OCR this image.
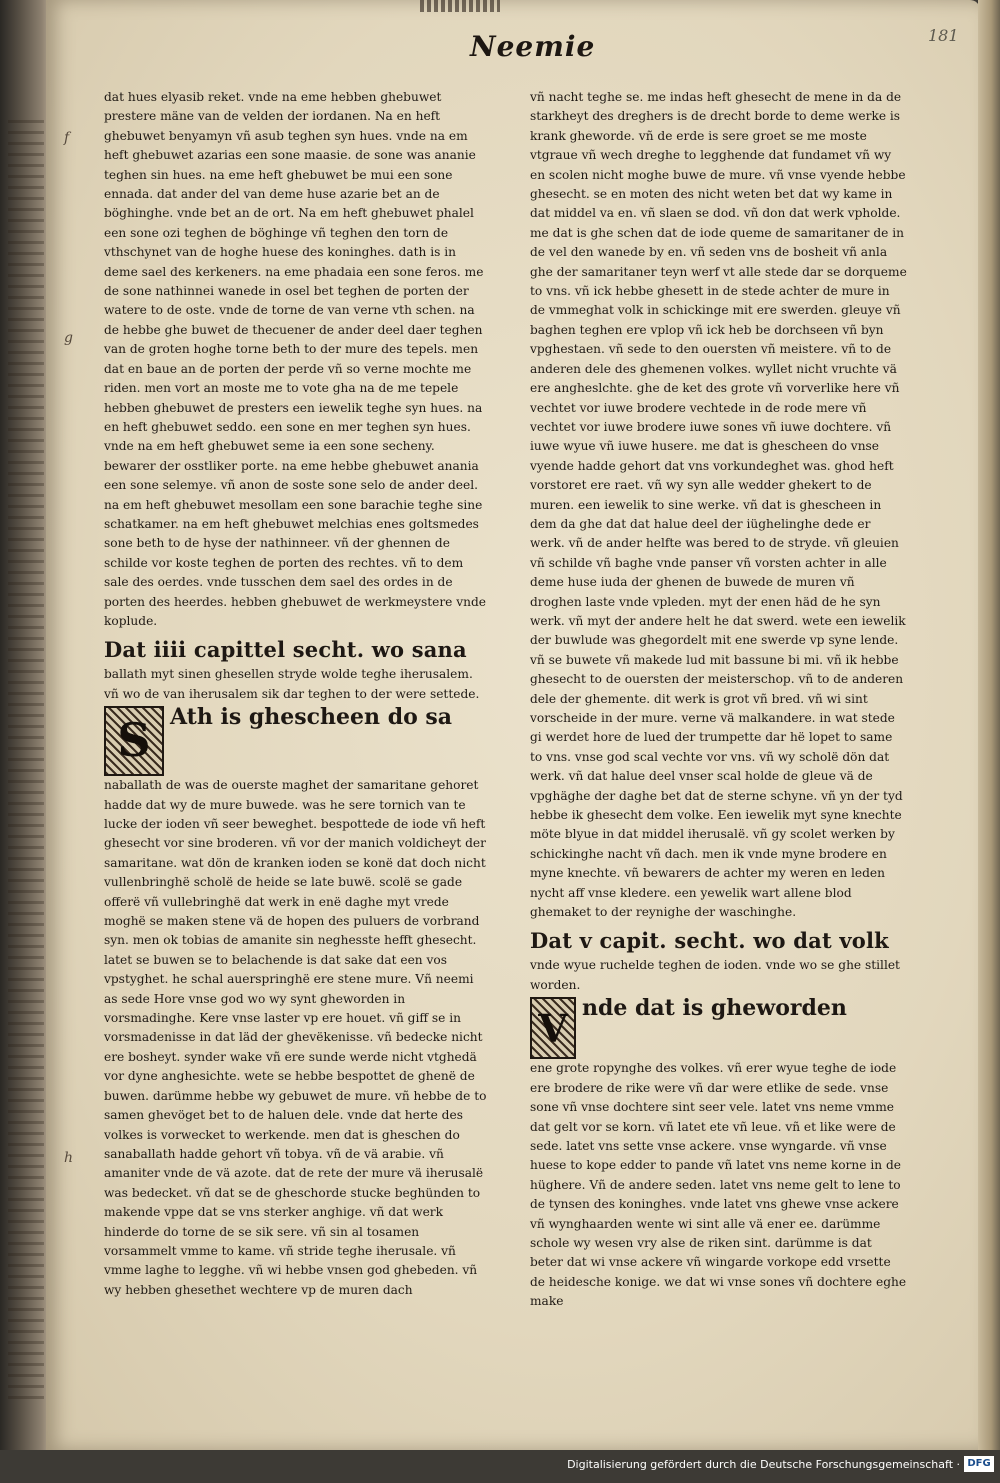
Neemie	181
f
g
h

dat hues elyasib reket. vnde na eme hebben ghebuwet prestere mäne van de velden der iordanen. Na en heft ghebuwet benyamyn vñ asub teghen syn hues. vnde na em heft ghebuwet azarias een sone maasie. de sone was ananie teghen sin hues. na eme heft ghebuwet be mui een sone ennada. dat ander del van deme huse azarie bet an de böghinghe. vnde bet an de ort. Na em heft ghebuwet phalel een sone ozi teghen de böghinge vñ teghen den torn de vthschynet van de hoghe huese des koninghes. dath is in deme sael des kerkeners. na eme phadaia een sone feros. me de sone nathinnei wanede in osel bet teghen de porten der watere to de oste. vnde de torne de van verne vth schen. na de hebbe ghe buwet de thecuener de ander deel daer teghen van de groten hoghe torne beth to der mure des tepels. men dat en baue an de porten der perde vñ so verne mochte me riden. men vort an moste me to vote gha na de me tepele hebben ghebuwet de presters een iewelik teghe syn hues. na en heft ghebuwet seddo. een sone en mer teghen syn hues. vnde na em heft ghebuwet seme ia een sone secheny. bewarer der osstliker porte. na eme hebbe ghebuwet anania een sone selemye. vñ anon de soste sone selo de ander deel. na em heft ghebuwet mesollam een sone barachie teghe sine schatkamer. na em heft ghebuwet melchias enes goltsmedes sone beth to de hyse der nathinneer. vñ der ghennen de schilde vor koste teghen de porten des rechtes. vñ to dem sale des oerdes. vnde tusschen dem sael des ordes in de porten des heerdes. hebben ghebuwet de werkmeystere vnde koplude.

Dat iiii capittel secht. wo sana

ballath myt sinen ghesellen stryde wolde teghe iherusalem. vñ wo de van iherusalem sik dar teghen to der were settede.

S Ath is ghescheen do sa

naballath de was de ouerste maghet der samaritane gehoret hadde dat wy de mure buwede. was he sere tornich van te lucke der ioden vñ seer beweghet. bespottede de iode vñ heft ghesecht vor sine broderen. vñ vor der manich voldicheyt der samaritane. wat dön de kranken ioden se konë dat doch nicht vullenbringhë scholë de heide se late buwë. scolë se gade offerë vñ vullebringhë dat werk in enë daghe myt vrede moghë se maken stene vä de hopen des puluers de vorbrand syn. men ok tobias de amanite sin neghesste hefft ghesecht. latet se buwen se to belachende is dat sake dat een vos vpstyghet. he schal auerspringhë ere stene mure. Vñ neemi as sede Hore vnse god wo wy synt gheworden in vorsmadinghe. Kere vnse laster vp ere houet. vñ giff se in vorsmadenisse in dat läd der ghevëkenisse. vñ bedecke nicht ere bosheyt. synder wake vñ ere sunde werde nicht vtghedä vor dyne anghesichte. wete se hebbe bespottet de ghenë de buwen. darümme hebbe wy gebuwet de mure. vñ hebbe de to samen ghevöget bet to de haluen dele. vnde dat herte des volkes is vorwecket to werkende. men dat is gheschen do sanaballath hadde gehort vñ tobya. vñ de vä arabie. vñ amaniter vnde de vä azote. dat de rete der mure vä iherusalë was bedecket. vñ dat se de gheschorde stucke beghünden to makende vppe dat se vns sterker anghige. vñ dat werk hinderde do torne de se sik sere. vñ sin al tosamen vorsammelt vmme to kame. vñ stride teghe iherusale. vñ vmme laghe to legghe. vñ wi hebbe vnsen god ghebeden. vñ wy hebben ghesethet wechtere vp de muren dach

vñ nacht teghe se. me indas heft ghesecht de mene in da de starkheyt des dreghers is de drecht borde to deme werke is krank gheworde. vñ de erde is sere groet se me moste vtgraue vñ wech dreghe to legghende dat fundamet vñ wy en scolen nicht moghe buwe de mure. vñ vnse vyende hebbe ghesecht. se en moten des nicht weten bet dat wy kame in dat middel va en. vñ slaen se dod. vñ don dat werk vpholde. me dat is ghe schen dat de iode queme de samaritaner de in de vel den wanede by en. vñ seden vns de bosheit vñ anla ghe der samaritaner teyn werf vt alle stede dar se dorqueme to vns. vñ ick hebbe ghesett in de stede achter de mure in de vmmeghat volk in schickinge mit ere swerden. gleuye vñ baghen teghen ere vplop vñ ick heb be dorchseen vñ byn vpghestaen. vñ sede to den ouersten vñ meistere. vñ to de anderen dele des ghemenen volkes. wyllet nicht vruchte vä ere angheslchte. ghe de ket des grote vñ vorverlike here vñ vechtet vor iuwe brodere vechtede in de rode mere vñ vechtet vor iuwe brodere iuwe sones vñ iuwe dochtere. vñ iuwe wyue vñ iuwe husere. me dat is ghescheen do vnse vyende hadde gehort dat vns vorkundeghet was. ghod heft vorstoret ere raet. vñ wy syn alle wedder ghekert to de muren. een iewelik to sine werke. vñ dat is ghescheen in dem da ghe dat dat halue deel der iüghelinghe dede er werk. vñ de ander helfte was bered to de stryde. vñ gleuien vñ schilde vñ baghe vnde panser vñ vorsten achter in alle deme huse iuda der ghenen de buwede de muren vñ droghen laste vnde vpleden. myt der enen häd de he syn werk. vñ myt der andere helt he dat swerd. wete een iewelik der buwlude was ghegordelt mit ene swerde vp syne lende. vñ se buwete vñ makede lud mit bassune bi mi. vñ ik hebbe ghesecht to de ouersten der meisterschop. vñ to de anderen dele der ghemente. dit werk is grot vñ bred. vñ wi sint vorscheide in der mure. verne vä malkandere. in wat stede gi werdet hore de lued der trumpette dar hë lopet to same to vns. vnse god scal vechte vor vns. vñ wy scholë dön dat werk. vñ dat halue deel vnser scal holde de gleue vä de vpghäghe der daghe bet dat de sterne schyne. vñ yn der tyd hebbe ik ghesecht dem volke. Een iewelik myt syne knechte möte blyue in dat middel iherusalë. vñ gy scolet werken by schickinghe nacht vñ dach. men ik vnde myne brodere en myne knechte. vñ bewarers de achter my weren en leden nycht aff vnse kledere. een yewelik wart allene blod ghemaket to der reynighe der waschinghe.

Dat v capit. secht. wo dat volk

vnde wyue ruchelde teghen de ioden. vnde wo se ghe stillet worden.

V nde dat is gheworden

ene grote ropynghe des volkes. vñ erer wyue teghe de iode ere brodere de rike were vñ dar were etlike de sede. vnse sone vñ vnse dochtere sint seer vele. latet vns neme vmme dat gelt vor se korn. vñ latet ete vñ leue. vñ et like were de sede. latet vns sette vnse ackere. vnse wyngarde. vñ vnse huese to kope edder to pande vñ latet vns neme korne in de hüghere. Vñ de andere seden. latet vns neme gelt to lene to de tynsen des koninghes. vnde latet vns ghewe vnse ackere vñ wynghaarden wente wi sint alle vä ener ee. darümme schole wy wesen vry alse de riken sint. darümme is dat beter dat wi vnse ackere vñ wingarde vorkope edd vrsette de heidesche konige. we dat wi vnse sones vñ dochtere eghe make

Digitalisierung gefördert durch die Deutsche Forschungsgemeinschaft · DFG
